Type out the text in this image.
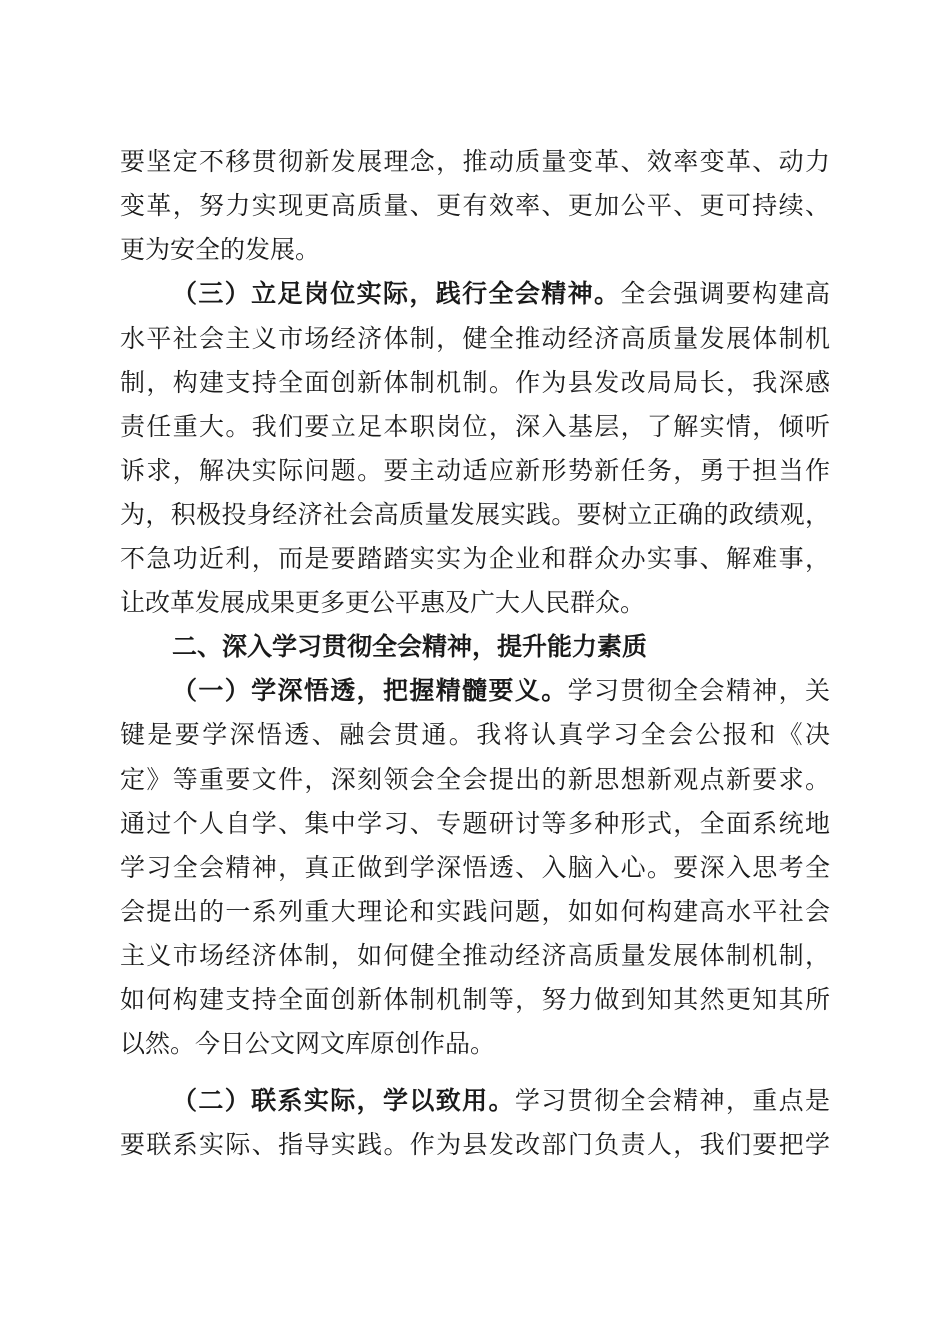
要坚定不移贯彻新发展理念，推动质量变革、效率变革、动力
变革，努力实现更高质量、更有效率、更加公平、更可持续、
更为安全的发展。
（三）立足岗位实际，践行全会精神。全会强调要构建高
水平社会主义市场经济体制，健全推动经济高质量发展体制机
制，构建支持全面创新体制机制。作为县发改局局长，我深感
责任重大。我们要立足本职岗位，深入基层，了解实情，倾听
诉求，解决实际问题。要主动适应新形势新任务，勇于担当作
为，积极投身经济社会高质量发展实践。要树立正确的政绩观，
不急功近利，而是要踏踏实实为企业和群众办实事、解难事，
让改革发展成果更多更公平惠及广大人民群众。
二、深入学习贯彻全会精神，提升能力素质
（一）学深悟透，把握精髓要义。学习贯彻全会精神，关
键是要学深悟透、融会贯通。我将认真学习全会公报和《决
定》等重要文件，深刻领会全会提出的新思想新观点新要求。
通过个人自学、集中学习、专题研讨等多种形式，全面系统地
学习全会精神，真正做到学深悟透、入脑入心。要深入思考全
会提出的一系列重大理论和实践问题，如如何构建高水平社会
主义市场经济体制，如何健全推动经济高质量发展体制机制，
如何构建支持全面创新体制机制等，努力做到知其然更知其所
以然。今日公文网文库原创作品。
（二）联系实际，学以致用。学习贯彻全会精神，重点是
要联系实际、指导实践。作为县发改部门负责人，我们要把学
